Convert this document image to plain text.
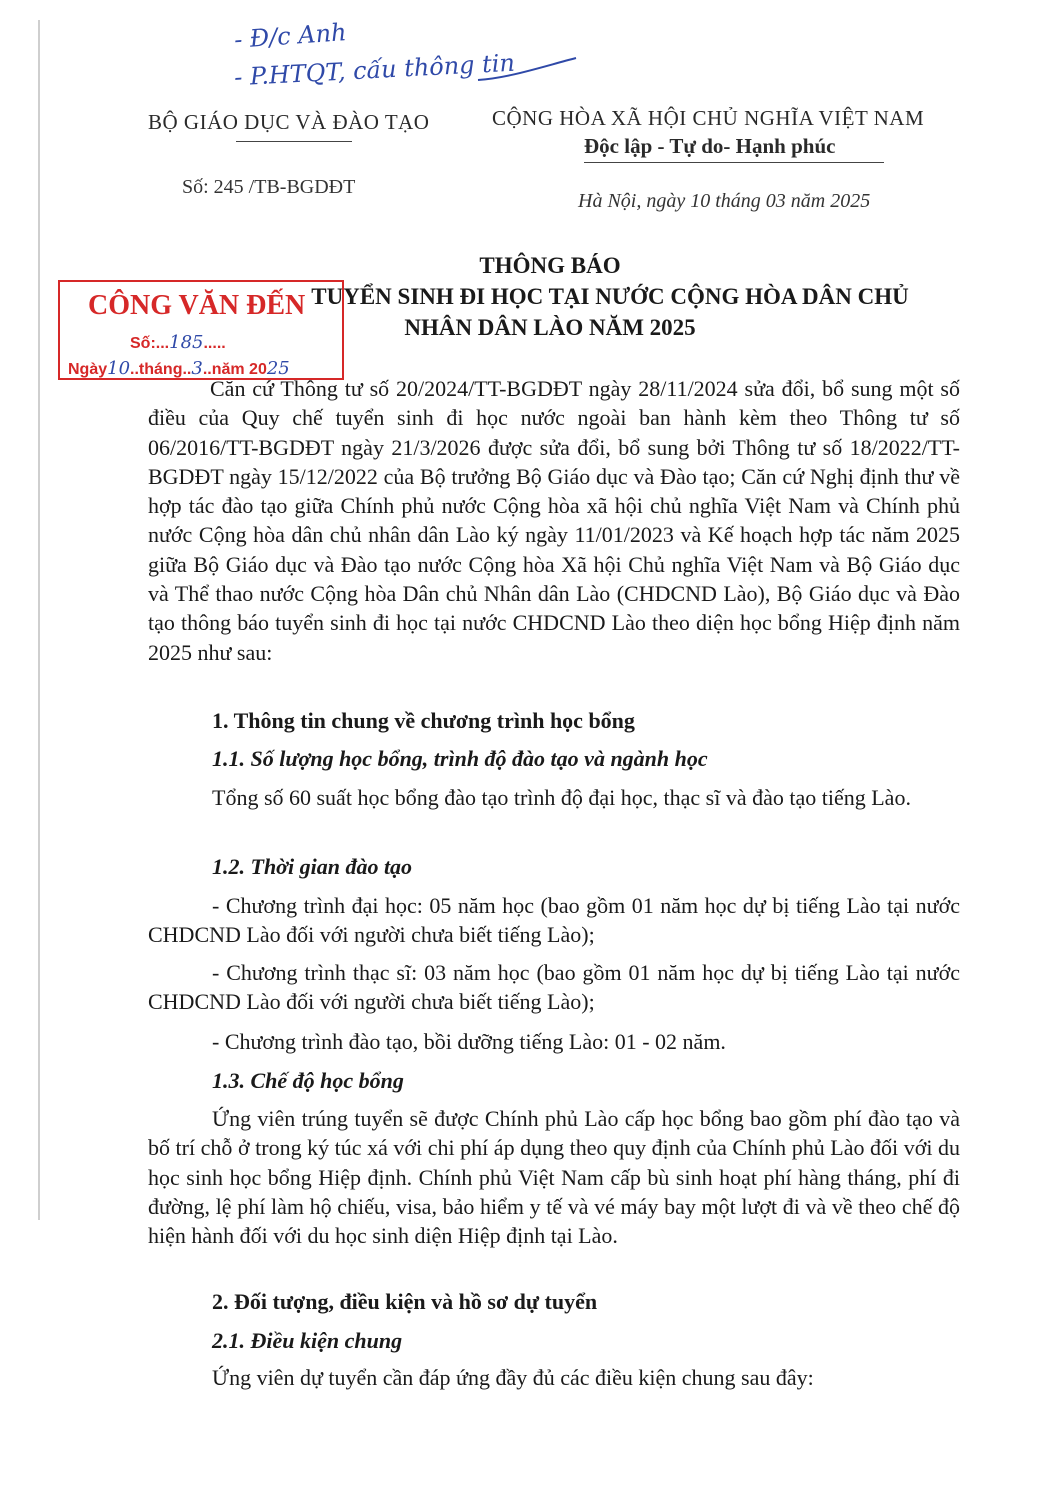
- Đ/c Anh
- P.HTQT, cấu thông tin
BỘ GIÁO DỤC VÀ ĐÀO TẠO	CỘNG HÒA XÃ HỘI CHỦ NGHĨA VIỆT NAM
Độc lập - Tự do- Hạnh phúc
Số: 245 /TB-BGDĐT
Hà Nội, ngày 10 tháng 03 năm 2025
THÔNG BÁO
TUYỂN SINH ĐI HỌC TẠI NƯỚC CỘNG HÒA DÂN CHỦ
NHÂN DÂN LÀO NĂM 2025
CÔNG VĂN ĐẾN
Số:...185.....
Ngày10..tháng..3..năm 2025
Căn cứ Thông tư số 20/2024/TT-BGDĐT ngày 28/11/2024 sửa đổi, bổ sung một số điều của Quy chế tuyển sinh đi học nước ngoài ban hành kèm theo Thông tư số 06/2016/TT-BGDĐT ngày 21/3/2026 được sửa đổi, bổ sung bởi Thông tư số 18/2022/TT-BGDĐT ngày 15/12/2022 của Bộ trưởng Bộ Giáo dục và Đào tạo; Căn cứ Nghị định thư về hợp tác đào tạo giữa Chính phủ nước Cộng hòa xã hội chủ nghĩa Việt Nam và Chính phủ nước Cộng hòa dân chủ nhân dân Lào ký ngày 11/01/2023 và Kế hoạch hợp tác năm 2025 giữa Bộ Giáo dục và Đào tạo nước Cộng hòa Xã hội Chủ nghĩa Việt Nam và Bộ Giáo dục và Thể thao nước Cộng hòa Dân chủ Nhân dân Lào (CHDCND Lào), Bộ Giáo dục và Đào tạo thông báo tuyển sinh đi học tại nước CHDCND Lào theo diện học bổng Hiệp định năm 2025 như sau:
1. Thông tin chung về chương trình học bổng
1.1. Số lượng học bổng, trình độ đào tạo và ngành học
Tổng số 60 suất học bổng đào tạo trình độ đại học, thạc sĩ và đào tạo tiếng Lào.
1.2. Thời gian đào tạo
- Chương trình đại học: 05 năm học (bao gồm 01 năm học dự bị tiếng Lào tại nước CHDCND Lào đối với người chưa biết tiếng Lào);
- Chương trình thạc sĩ: 03 năm học (bao gồm 01 năm học dự bị tiếng Lào tại nước CHDCND Lào đối với người chưa biết tiếng Lào);
- Chương trình đào tạo, bồi dưỡng tiếng Lào: 01 - 02 năm.
1.3. Chế độ học bổng
Ứng viên trúng tuyển sẽ được Chính phủ Lào cấp học bổng bao gồm phí đào tạo và bố trí chỗ ở trong ký túc xá với chi phí áp dụng theo quy định của Chính phủ Lào đối với du học sinh học bổng Hiệp định. Chính phủ Việt Nam cấp bù sinh hoạt phí hàng tháng, phí đi đường, lệ phí làm hộ chiếu, visa, bảo hiểm y tế và vé máy bay một lượt đi và về theo chế độ hiện hành đối với du học sinh diện Hiệp định tại Lào.
2. Đối tượng, điều kiện và hồ sơ dự tuyển
2.1. Điều kiện chung
Ứng viên dự tuyển cần đáp ứng đầy đủ các điều kiện chung sau đây:
